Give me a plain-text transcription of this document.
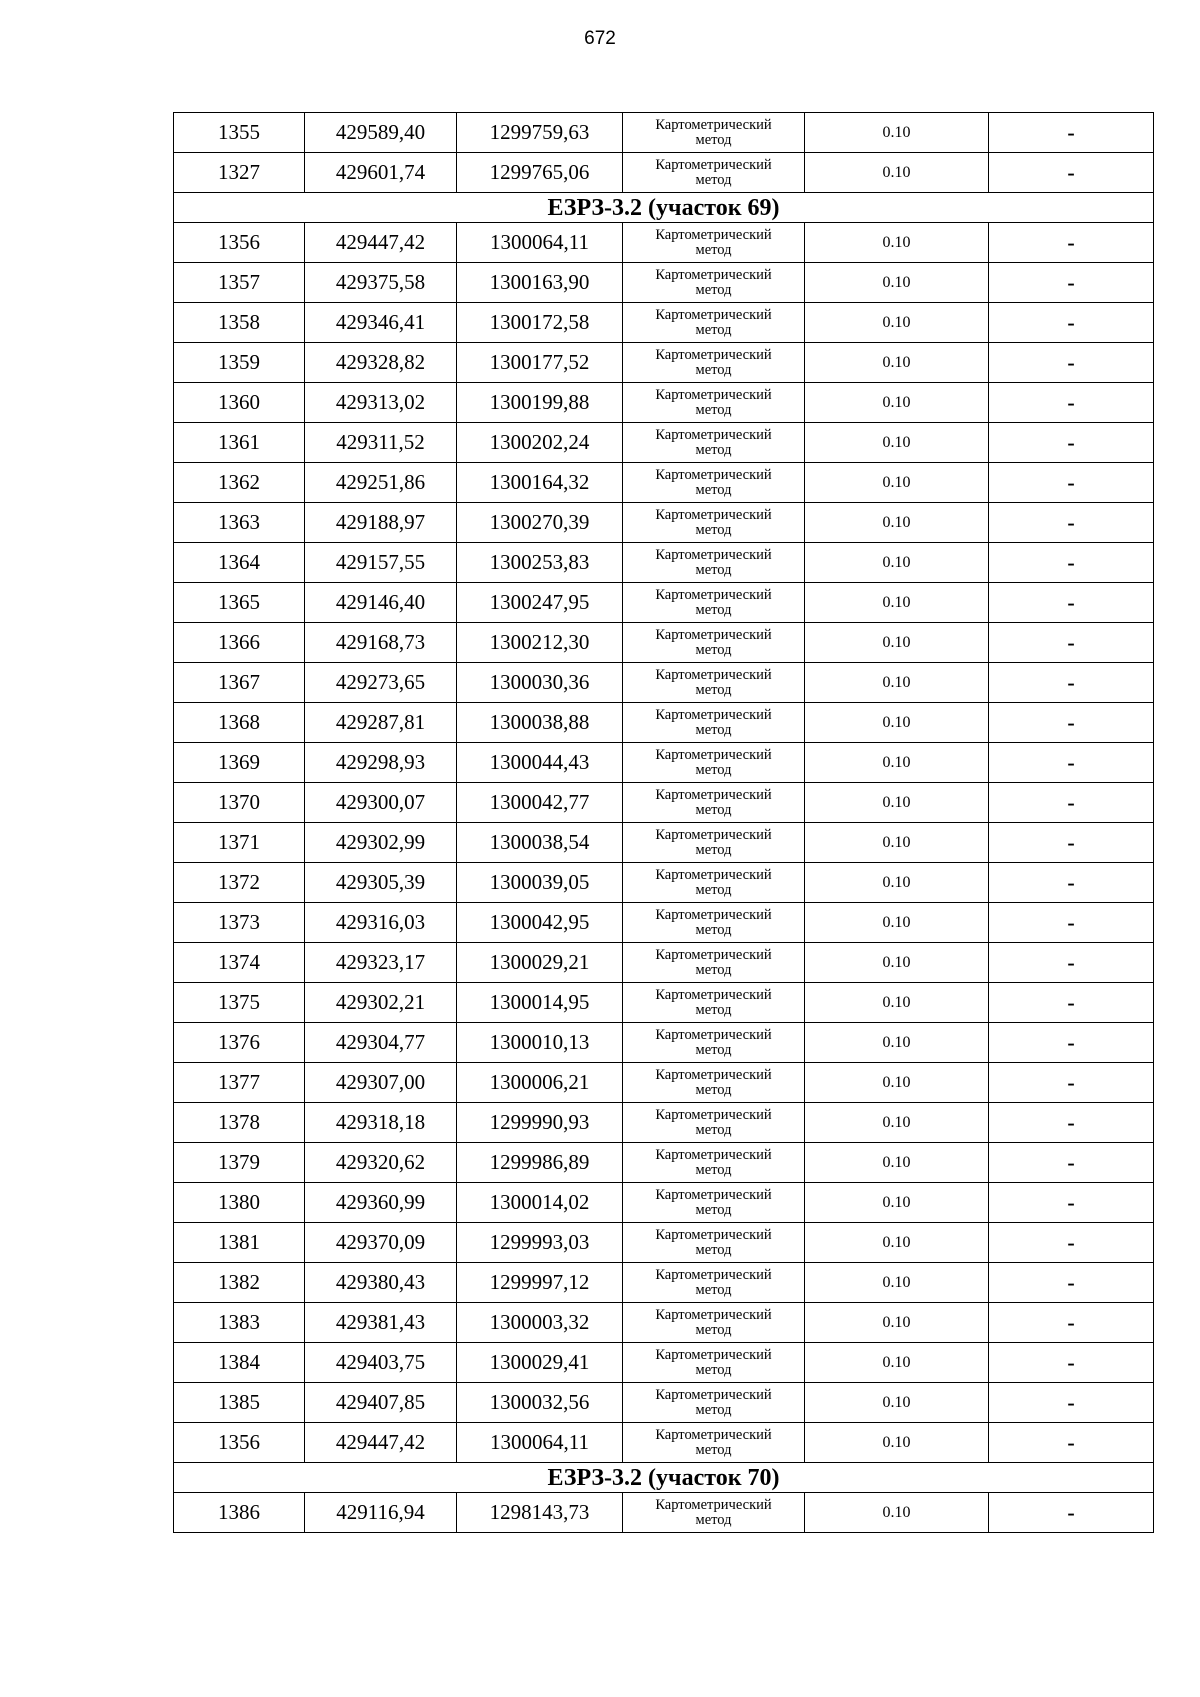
672
1355	429589,40	1299759,63	Картометрический
метод	0.10	-
1327	429601,74	1299765,06	Картометрический
метод	0.10	-
ЕЗРЗ-3.2 (участок 69)					
1356	429447,42	1300064,11	Картометрический
метод	0.10	-
1357	429375,58	1300163,90	Картометрический
метод	0.10	-
1358	429346,41	1300172,58	Картометрический
метод	0.10	-
1359	429328,82	1300177,52	Картометрический
метод	0.10	-
1360	429313,02	1300199,88	Картометрический
метод	0.10	-
1361	429311,52	1300202,24	Картометрический
метод	0.10	-
1362	429251,86	1300164,32	Картометрический
метод	0.10	-
1363	429188,97	1300270,39	Картометрический
метод	0.10	-
1364	429157,55	1300253,83	Картометрический
метод	0.10	-
1365	429146,40	1300247,95	Картометрический
метод	0.10	-
1366	429168,73	1300212,30	Картометрический
метод	0.10	-
1367	429273,65	1300030,36	Картометрический
метод	0.10	-
1368	429287,81	1300038,88	Картометрический
метод	0.10	-
1369	429298,93	1300044,43	Картометрический
метод	0.10	-
1370	429300,07	1300042,77	Картометрический
метод	0.10	-
1371	429302,99	1300038,54	Картометрический
метод	0.10	-
1372	429305,39	1300039,05	Картометрический
метод	0.10	-
1373	429316,03	1300042,95	Картометрический
метод	0.10	-
1374	429323,17	1300029,21	Картометрический
метод	0.10	-
1375	429302,21	1300014,95	Картометрический
метод	0.10	-
1376	429304,77	1300010,13	Картометрический
метод	0.10	-
1377	429307,00	1300006,21	Картометрический
метод	0.10	-
1378	429318,18	1299990,93	Картометрический
метод	0.10	-
1379	429320,62	1299986,89	Картометрический
метод	0.10	-
1380	429360,99	1300014,02	Картометрический
метод	0.10	-
1381	429370,09	1299993,03	Картометрический
метод	0.10	-
1382	429380,43	1299997,12	Картометрический
метод	0.10	-
1383	429381,43	1300003,32	Картометрический
метод	0.10	-
1384	429403,75	1300029,41	Картометрический
метод	0.10	-
1385	429407,85	1300032,56	Картометрический
метод	0.10	-
1356	429447,42	1300064,11	Картометрический
метод	0.10	-
ЕЗРЗ-3.2 (участок 70)					
1386	429116,94	1298143,73	Картометрический
метод	0.10	-
